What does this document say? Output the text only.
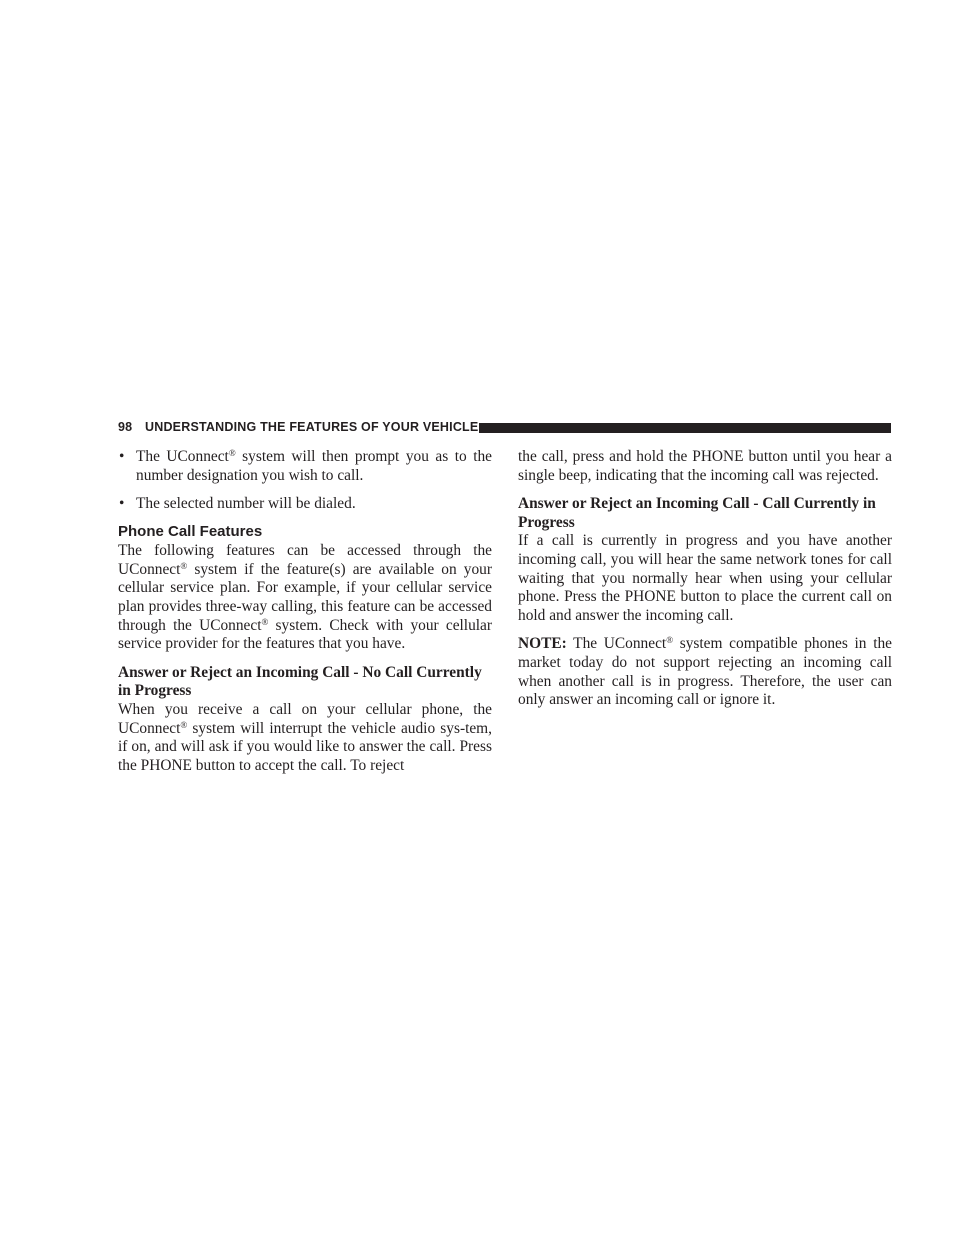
98 UNDERSTANDING THE FEATURES OF YOUR VEHICLE
• The UConnect® system will then prompt you as to the number designation you wish to call.
• The selected number will be dialed.
Phone Call Features

The following features can be accessed through the UConnect® system if the feature(s) are available on your cellular service plan. For example, if your cellular service plan provides three-way calling, this feature can be accessed through the UConnect® system. Check with your cellular service provider for the features that you have.

Answer or Reject an Incoming Call - No Call Currently in Progress

When you receive a call on your cellular phone, the UConnect® system will interrupt the vehicle audio sys-tem, if on, and will ask if you would like to answer the call. Press the PHONE button to accept the call. To reject

the call, press and hold the PHONE button until you hear a single beep, indicating that the incoming call was rejected.

Answer or Reject an Incoming Call - Call Currently in Progress

If a call is currently in progress and you have another incoming call, you will hear the same network tones for call waiting that you normally hear when using your cellular phone. Press the PHONE button to place the current call on hold and answer the incoming call.

NOTE: The UConnect® system compatible phones in the market today do not support rejecting an incoming call when another call is in progress. Therefore, the user can only answer an incoming call or ignore it.
